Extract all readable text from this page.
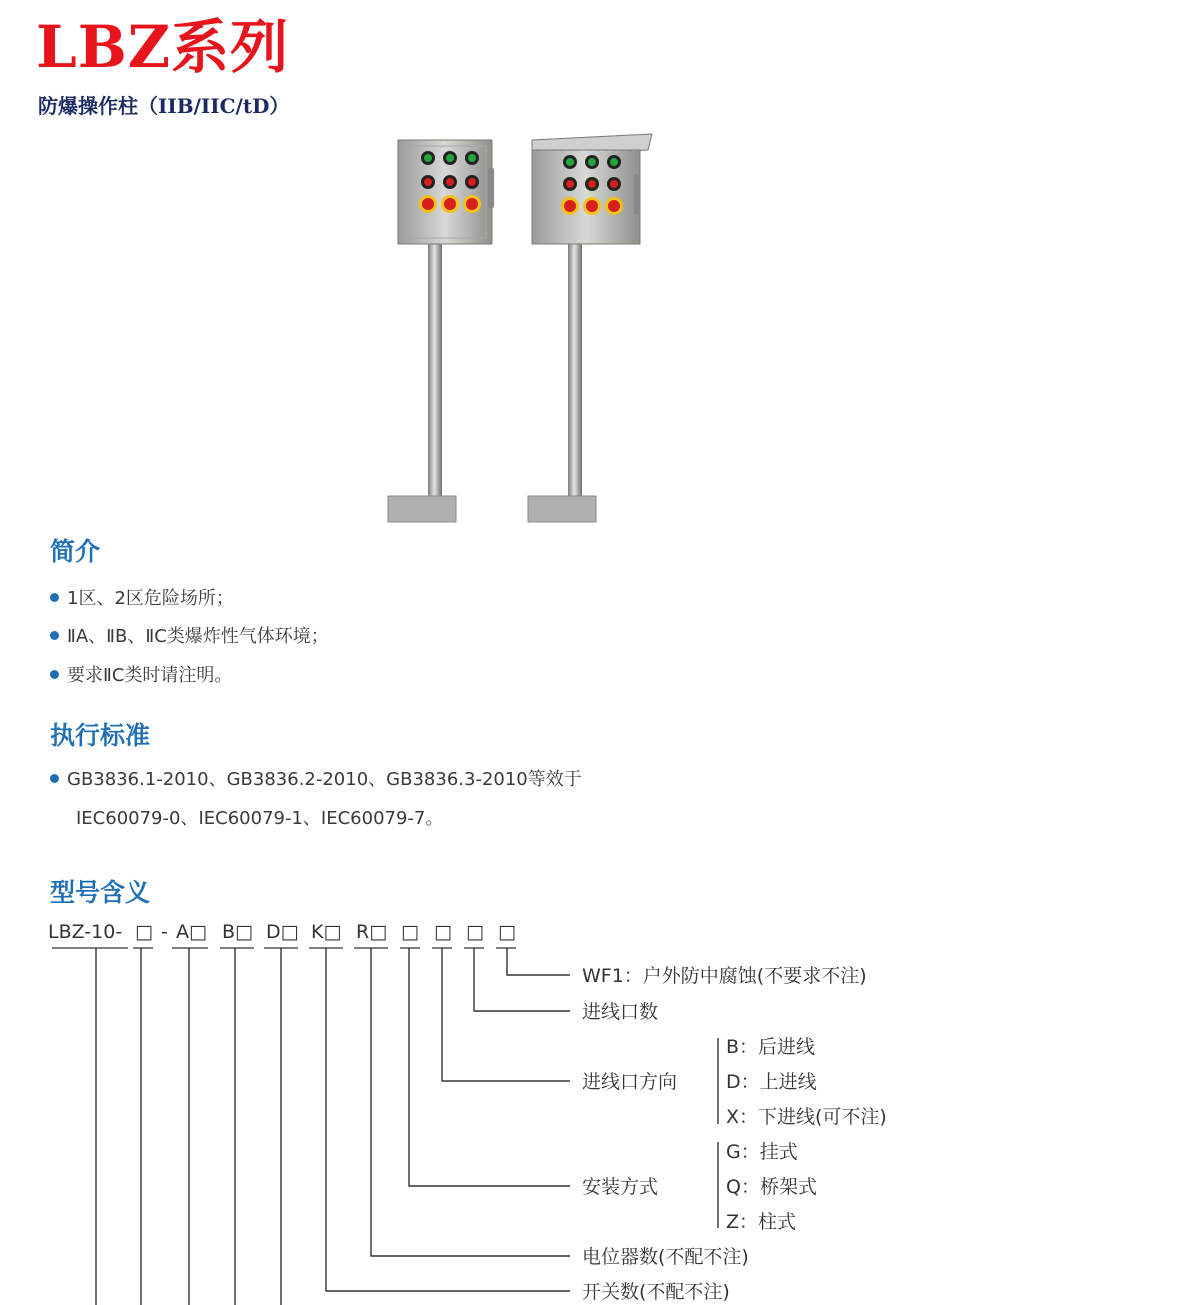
LBZ系列
防爆操作柱（IIB/IIC/tD）
简介
1区、2区危险场所；
ⅡA、ⅡB、ⅡC类爆炸性气体环境；
要求ⅡC类时请注明。
执行标准
GB3836.1-2010、GB3836.2-2010、GB3836.3-2010等效于
IEC60079-0、IEC60079-1、IEC60079-7。
型号含义
LBZ-10- □ - A□ B□ D□ K□ R□ □ □ □ □
WF1：户外防中腐蚀(不要求不注)
进线口数
进线口方向
B：后进线
D：上进线
X：下进线(可不注)
安装方式
G：挂式
Q：桥架式
Z：柱式
电位器数(不配不注)
开关数(不配不注)
